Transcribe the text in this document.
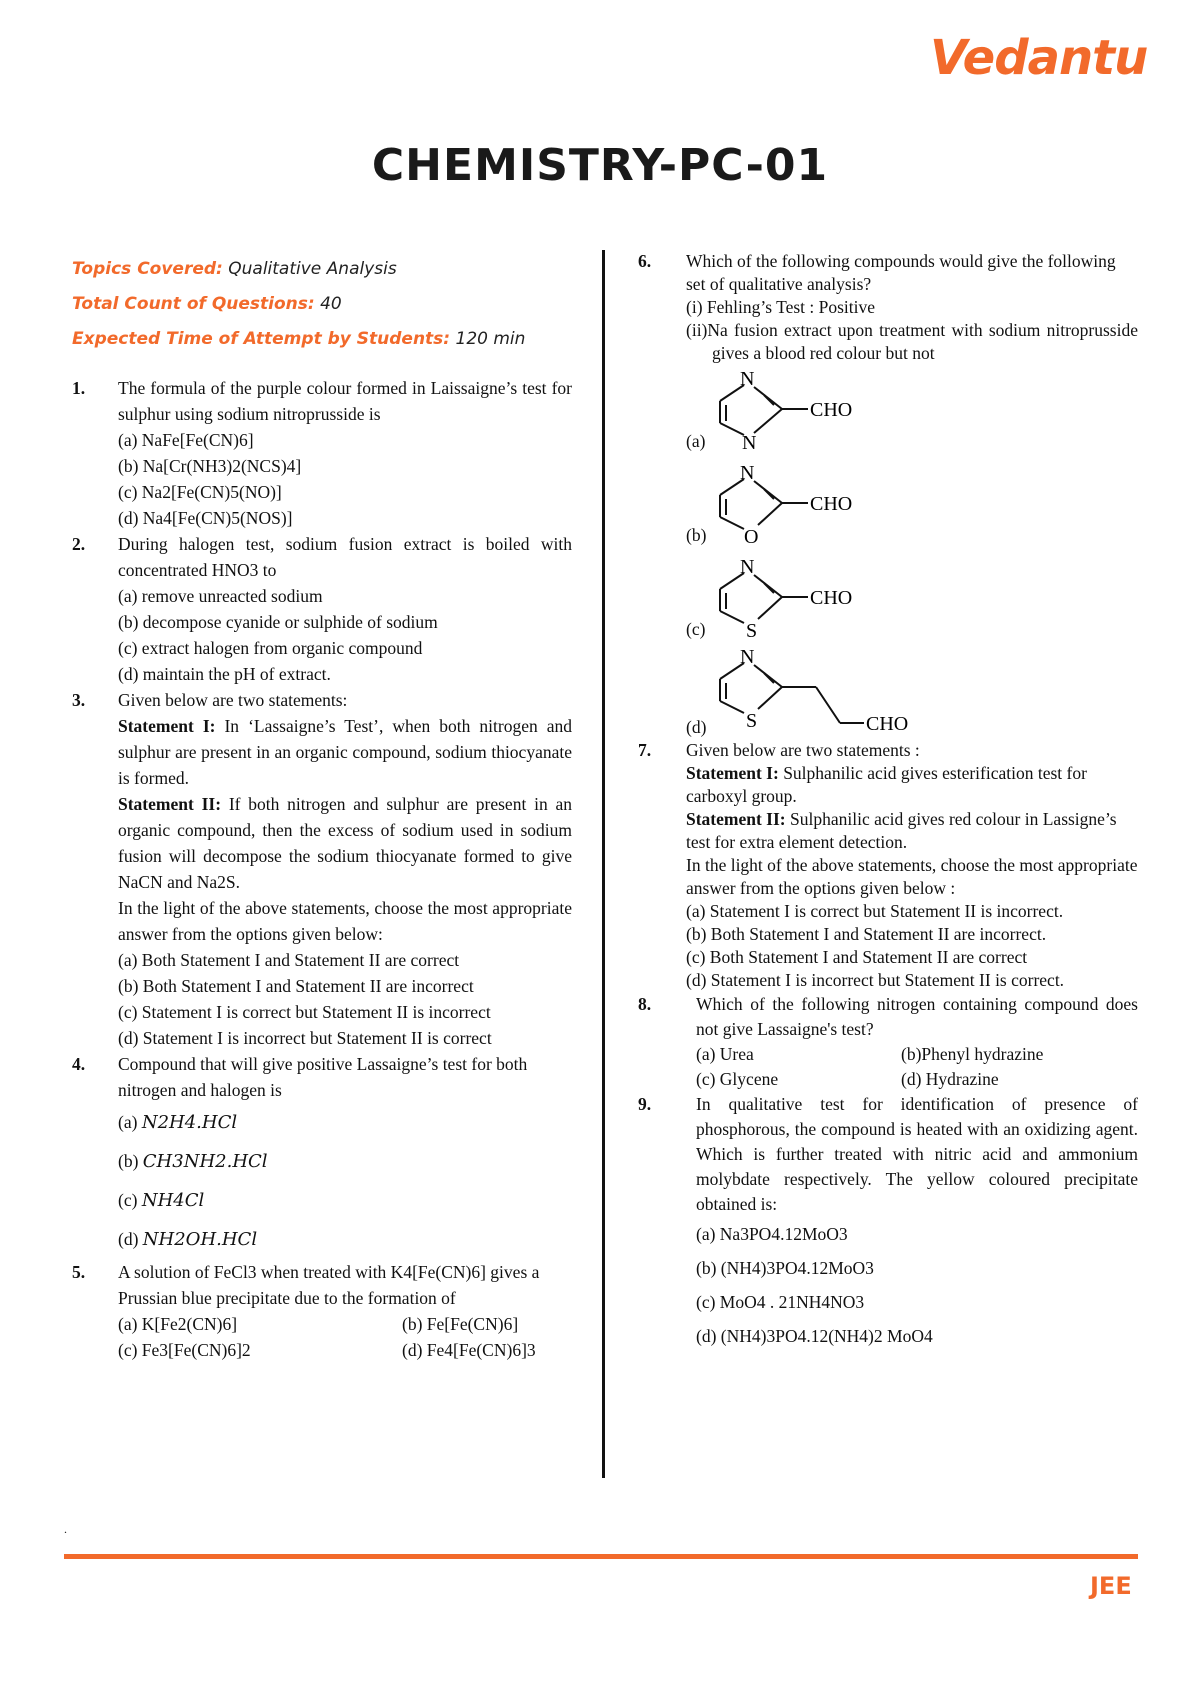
Vedantu
CHEMISTRY-PC-01
Topics Covered: Qualitative Analysis
Total Count of Questions: 40
Expected Time of Attempt by Students: 120 min
1. The formula of the purple colour formed in Laissaigne’s test for sulphur using sodium nitroprusside is

(a) NaFe[Fe(CN)6]

(b) Na[Cr(NH3)2(NCS)4]

(c) Na2[Fe(CN)5(NO)]

(d) Na4[Fe(CN)5(NOS)]

2. During halogen test, sodium fusion extract is boiled with concentrated HNO3 to

(a) remove unreacted sodium

(b) decompose cyanide or sulphide of sodium

(c) extract halogen from organic compound

(d) maintain the pH of extract.

3. Given below are two statements:

Statement I: In ‘Lassaigne’s Test’, when both nitrogen and sulphur are present in an organic compound, sodium thiocyanate is formed.

Statement II: If both nitrogen and sulphur are present in an organic compound, then the excess of sodium used in sodium fusion will decompose the sodium thiocyanate formed to give NaCN and Na2S.

In the light of the above statements, choose the most appropriate answer from the options given below:

(a) Both Statement I and Statement II are correct

(b) Both Statement I and Statement II are incorrect

(c) Statement I is correct but Statement II is incorrect

(d) Statement I is incorrect but Statement II is correct

4. Compound that will give positive Lassaigne’s test for both nitrogen and halogen is

(a) N2H4.HCl

(b) CH3NH2.HCl

(c) NH4Cl

(d) NH2OH.HCl

5. A solution of FeCl3 when treated with K4[Fe(CN)6] gives a Prussian blue precipitate due to the formation of

(a) K[Fe2(CN)6]	(b) Fe[Fe(CN)6]
(c) Fe3[Fe(CN)6]2	(d) Fe4[Fe(CN)6]3
6. Which of the following compounds would give the following set of qualitative analysis?

(i) Fehling’s Test : Positive

(ii)Na fusion extract upon treatment with sodium nitroprusside gives a blood red colour but not

(a)
N
N
CHO
(b)
N
O
CHO
(c)
N
S
CHO
(d)
N
S	CHO
7. Given below are two statements :

Statement I: Sulphanilic acid gives esterification test for carboxyl group.

Statement II: Sulphanilic acid gives red colour in Lassigne’s test for extra element detection.

In the light of the above statements, choose the most appropriate answer from the options given below :

(a) Statement I is correct but Statement II is incorrect.

(b) Both Statement I and Statement II are incorrect.

(c) Both Statement I and Statement II are correct

(d) Statement I is incorrect but Statement II is correct.

8.	Which of the following nitrogen containing compound does not give Lassaigne's test?

(a) Urea	(b)Phenyl hydrazine
(c) Glycene	(d) Hydrazine
9.	In qualitative test for identification of presence of phosphorous, the compound is heated with an oxidizing agent. Which is further treated with nitric acid and ammonium molybdate respectively. The yellow coloured precipitate obtained is:

(a) Na3PO4.12MoO3

(b) (NH4)3PO4.12MoO3

(c) MoO4 . 21NH4NO3

(d) (NH4)3PO4.12(NH4)2 MoO4

.
JEE
